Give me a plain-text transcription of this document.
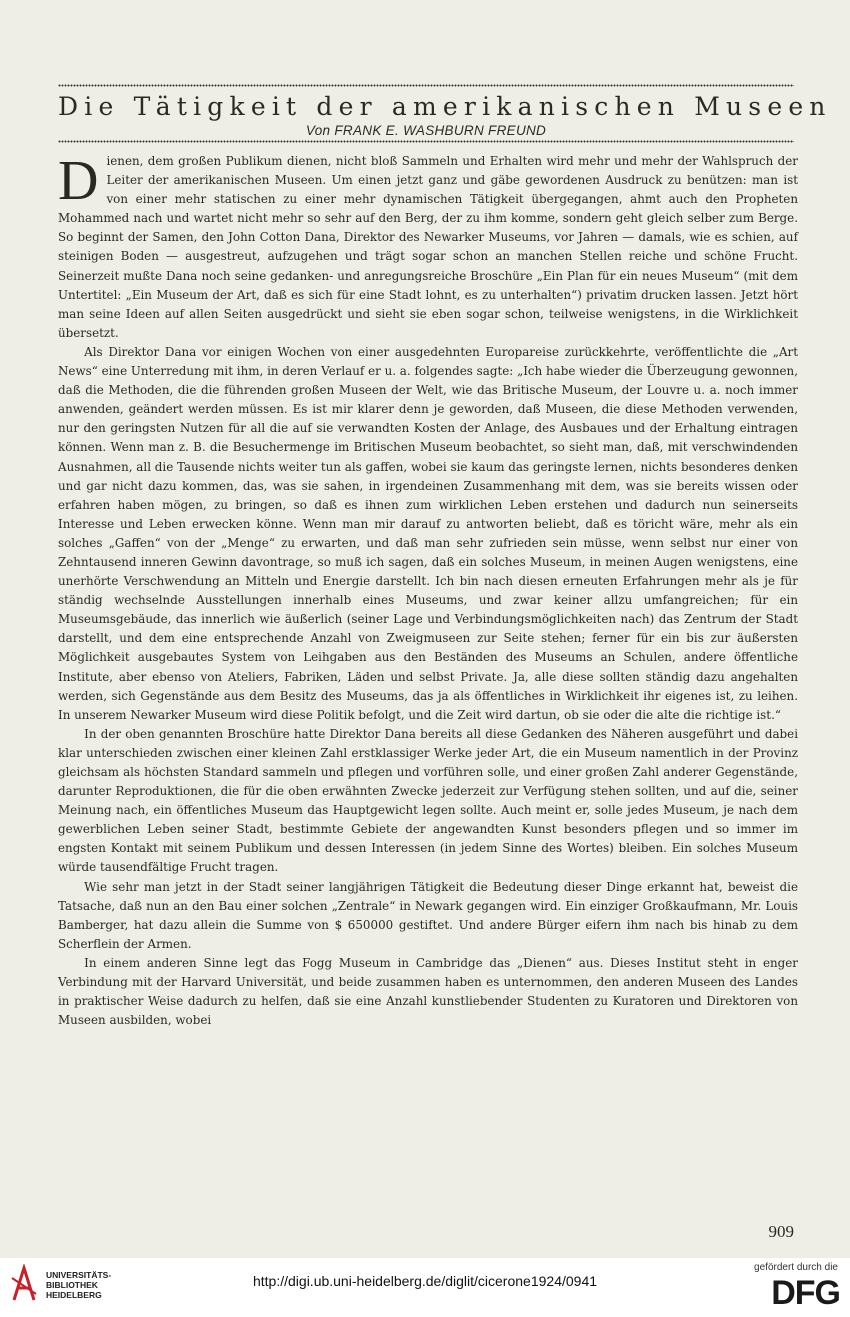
Die Tätigkeit der amerikanischen Museen
Von FRANK E. WASHBURN FREUND

Dienen, dem großen Publikum dienen, nicht bloß Sammeln und Erhalten wird mehr und mehr der Wahlspruch der Leiter der amerikanischen Museen. Um einen jetzt ganz und gäbe gewordenen Ausdruck zu benützen: man ist von einer mehr statischen zu einer mehr dynamischen Tätigkeit übergegangen, ahmt auch den Propheten Mohammed nach und wartet nicht mehr so sehr auf den Berg, der zu ihm komme, sondern geht gleich selber zum Berge. So beginnt der Samen, den John Cotton Dana, Direktor des Newarker Museums, vor Jahren — damals, wie es schien, auf steinigen Boden — ausgestreut, aufzugehen und trägt sogar schon an manchen Stellen reiche und schöne Frucht. Seinerzeit mußte Dana noch seine gedanken- und anregungsreiche Broschüre „Ein Plan für ein neues Museum“ (mit dem Untertitel: „Ein Museum der Art, daß es sich für eine Stadt lohnt, es zu unterhalten“) privatim drucken lassen. Jetzt hört man seine Ideen auf allen Seiten ausgedrückt und sieht sie eben sogar schon, teilweise wenigstens, in die Wirklichkeit übersetzt.

Als Direktor Dana vor einigen Wochen von einer ausgedehnten Europareise zurückkehrte, veröffentlichte die „Art News“ eine Unterredung mit ihm, in deren Verlauf er u. a. folgendes sagte: „Ich habe wieder die Überzeugung gewonnen, daß die Methoden, die die führenden großen Museen der Welt, wie das Britische Museum, der Louvre u. a. noch immer anwenden, geändert werden müssen. Es ist mir klarer denn je geworden, daß Museen, die diese Methoden verwenden, nur den geringsten Nutzen für all die auf sie verwandten Kosten der Anlage, des Ausbaues und der Erhaltung eintragen können. Wenn man z. B. die Besuchermenge im Britischen Museum beobachtet, so sieht man, daß, mit verschwindenden Ausnahmen, all die Tausende nichts weiter tun als gaffen, wobei sie kaum das geringste lernen, nichts besonderes denken und gar nicht dazu kommen, das, was sie sahen, in irgendeinen Zusammenhang mit dem, was sie bereits wissen oder erfahren haben mögen, zu bringen, so daß es ihnen zum wirklichen Leben erstehen und dadurch nun seinerseits Interesse und Leben erwecken könne. Wenn man mir darauf zu antworten beliebt, daß es töricht wäre, mehr als ein solches „Gaffen“ von der „Menge“ zu erwarten, und daß man sehr zufrieden sein müsse, wenn selbst nur einer von Zehntausend inneren Gewinn davontrage, so muß ich sagen, daß ein solches Museum, in meinen Augen wenigstens, eine unerhörte Verschwendung an Mitteln und Energie darstellt. Ich bin nach diesen erneuten Erfahrungen mehr als je für ständig wechselnde Ausstellungen innerhalb eines Museums, und zwar keiner allzu umfangreichen; für ein Museumsgebäude, das innerlich wie äußerlich (seiner Lage und Verbindungsmöglichkeiten nach) das Zentrum der Stadt darstellt, und dem eine entsprechende Anzahl von Zweigmuseen zur Seite stehen; ferner für ein bis zur äußersten Möglichkeit ausgebautes System von Leihgaben aus den Beständen des Museums an Schulen, andere öffentliche Institute, aber ebenso von Ateliers, Fabriken, Läden und selbst Private. Ja, alle diese sollten ständig dazu angehalten werden, sich Gegenstände aus dem Besitz des Museums, das ja als öffentliches in Wirklichkeit ihr eigenes ist, zu leihen. In unserem Newarker Museum wird diese Politik befolgt, und die Zeit wird dartun, ob sie oder die alte die richtige ist.“

In der oben genannten Broschüre hatte Direktor Dana bereits all diese Gedanken des Näheren ausgeführt und dabei klar unterschieden zwischen einer kleinen Zahl erstklassiger Werke jeder Art, die ein Museum namentlich in der Provinz gleichsam als höchsten Standard sammeln und pflegen und vorführen solle, und einer großen Zahl anderer Gegenstände, darunter Reproduktionen, die für die oben erwähnten Zwecke jederzeit zur Verfügung stehen sollten, und auf die, seiner Meinung nach, ein öffentliches Museum das Hauptgewicht legen sollte. Auch meint er, solle jedes Museum, je nach dem gewerblichen Leben seiner Stadt, bestimmte Gebiete der angewandten Kunst besonders pflegen und so immer im engsten Kontakt mit seinem Publikum und dessen Interessen (in jedem Sinne des Wortes) bleiben. Ein solches Museum würde tausendfältige Frucht tragen.

Wie sehr man jetzt in der Stadt seiner langjährigen Tätigkeit die Bedeutung dieser Dinge erkannt hat, beweist die Tatsache, daß nun an den Bau einer solchen „Zentrale“ in Newark gegangen wird. Ein einziger Großkaufmann, Mr. Louis Bamberger, hat dazu allein die Summe von $ 650000 gestiftet. Und andere Bürger eifern ihm nach bis hinab zu dem Scherflein der Armen.

In einem anderen Sinne legt das Fogg Museum in Cambridge das „Dienen“ aus. Dieses Institut steht in enger Verbindung mit der Harvard Universität, und beide zusammen haben es unternommen, den anderen Museen des Landes in praktischer Weise dadurch zu helfen, daß sie eine Anzahl kunstliebender Studenten zu Kuratoren und Direktoren von Museen ausbilden, wobei

909
UNIVERSITÄTS-
BIBLIOTHEK
HEIDELBERG
http://digi.ub.uni-heidelberg.de/diglit/cicerone1924/0941
gefördert durch die
DFG
